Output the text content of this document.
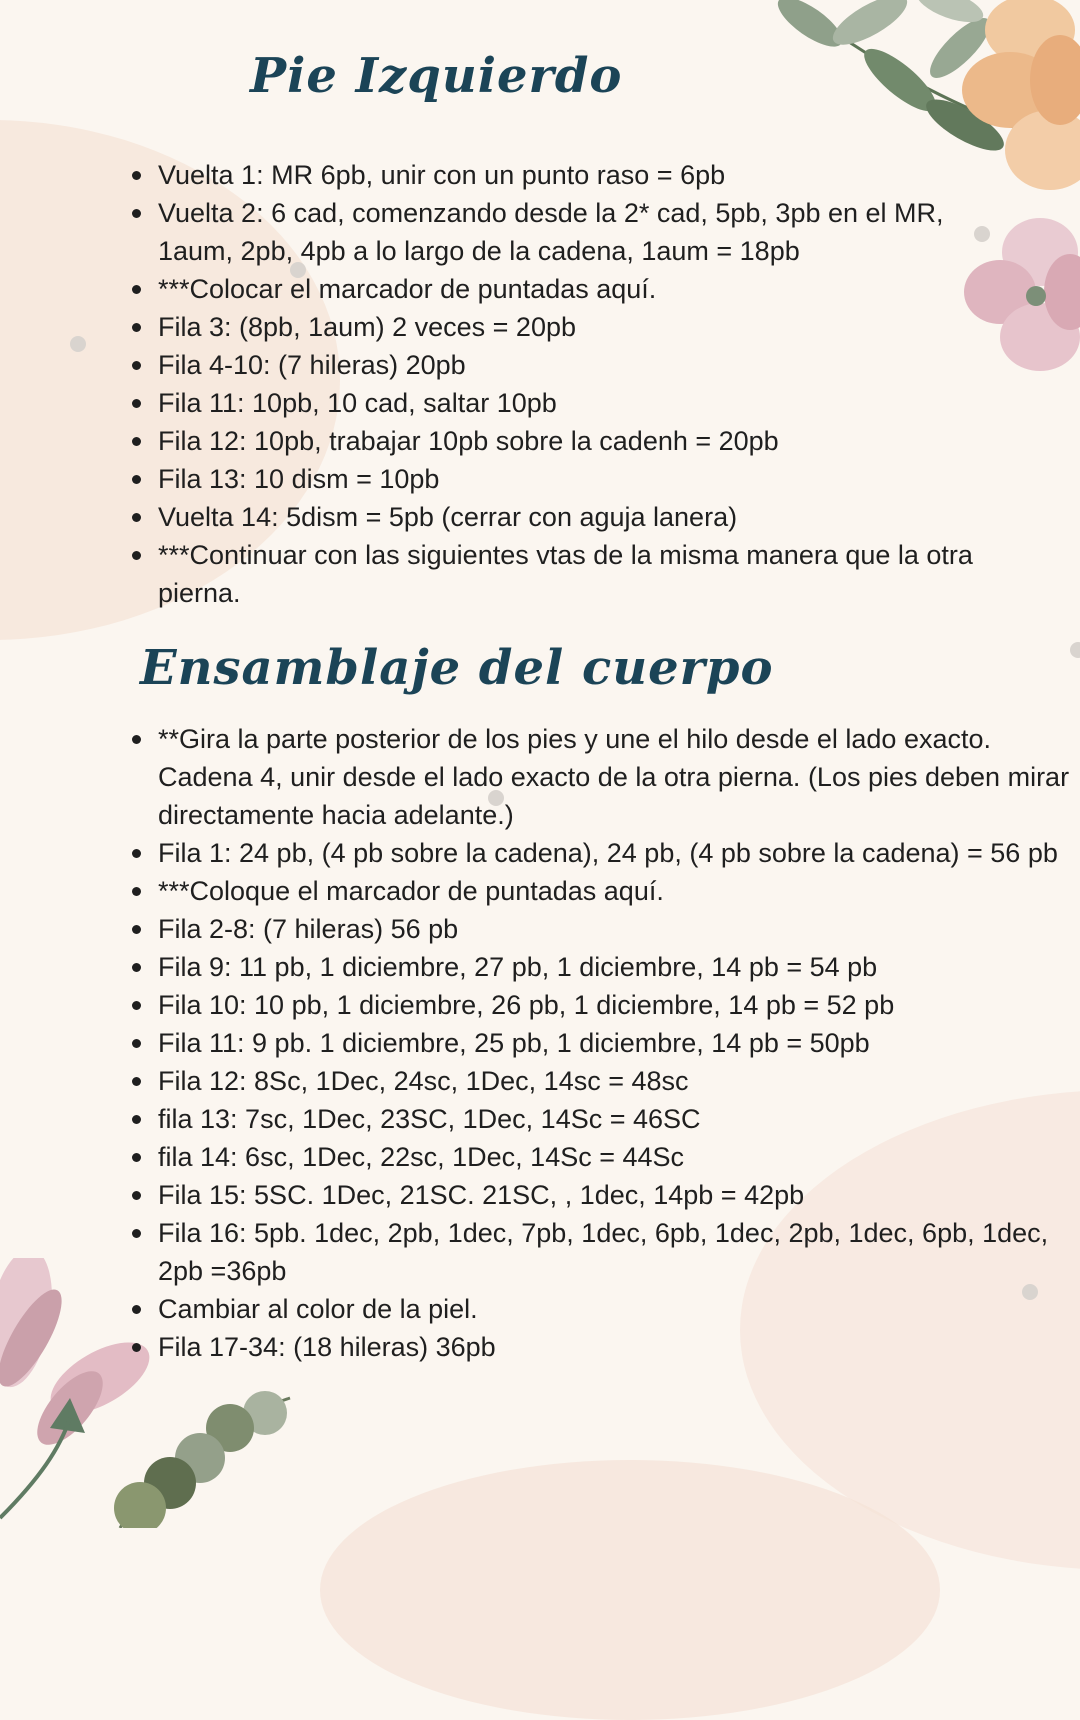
Pie Izquierdo
Vuelta 1: MR 6pb, unir con un punto raso = 6pb
Vuelta 2: 6 cad, comenzando desde la 2* cad, 5pb, 3pb en el MR, 1aum, 2pb, 4pb a lo largo de la cadena, 1aum = 18pb
***Colocar el marcador de puntadas aquí.
Fila 3: (8pb, 1aum) 2 veces = 20pb
Fila 4-10: (7 hileras) 20pb
Fila 11: 10pb, 10 cad, saltar 10pb
Fila 12: 10pb, trabajar 10pb sobre la cadenh = 20pb
Fila 13: 10 dism = 10pb
Vuelta 14: 5dism = 5pb (cerrar con aguja lanera)
***Continuar con las siguientes vtas de la misma manera que la otra pierna.
Ensamblaje del cuerpo
**Gira la parte posterior de los pies y une el hilo desde el lado exacto. Cadena 4, unir desde el lado exacto de la otra pierna. (Los pies deben mirar directamente hacia adelante.)
Fila 1: 24 pb, (4 pb sobre la cadena), 24 pb, (4 pb sobre la cadena) = 56 pb
***Coloque el marcador de puntadas aquí.
Fila 2-8: (7 hileras) 56 pb
Fila 9: 11 pb, 1 diciembre, 27 pb, 1 diciembre, 14 pb = 54 pb
Fila 10: 10 pb, 1 diciembre, 26 pb, 1 diciembre, 14 pb = 52 pb
Fila 11: 9 pb. 1 diciembre, 25 pb, 1 diciembre, 14 pb = 50pb
Fila 12: 8Sc, 1Dec, 24sc, 1Dec, 14sc = 48sc
fila 13: 7sc, 1Dec, 23SC, 1Dec, 14Sc = 46SC
fila 14: 6sc, 1Dec, 22sc, 1Dec, 14Sc = 44Sc
Fila 15: 5SC. 1Dec, 21SC. 21SC, , 1dec, 14pb = 42pb
Fila 16: 5pb. 1dec, 2pb, 1dec, 7pb, 1dec, 6pb, 1dec, 2pb, 1dec, 6pb, 1dec, 2pb =36pb
Cambiar al color de la piel.
Fila 17-34: (18 hileras) 36pb
